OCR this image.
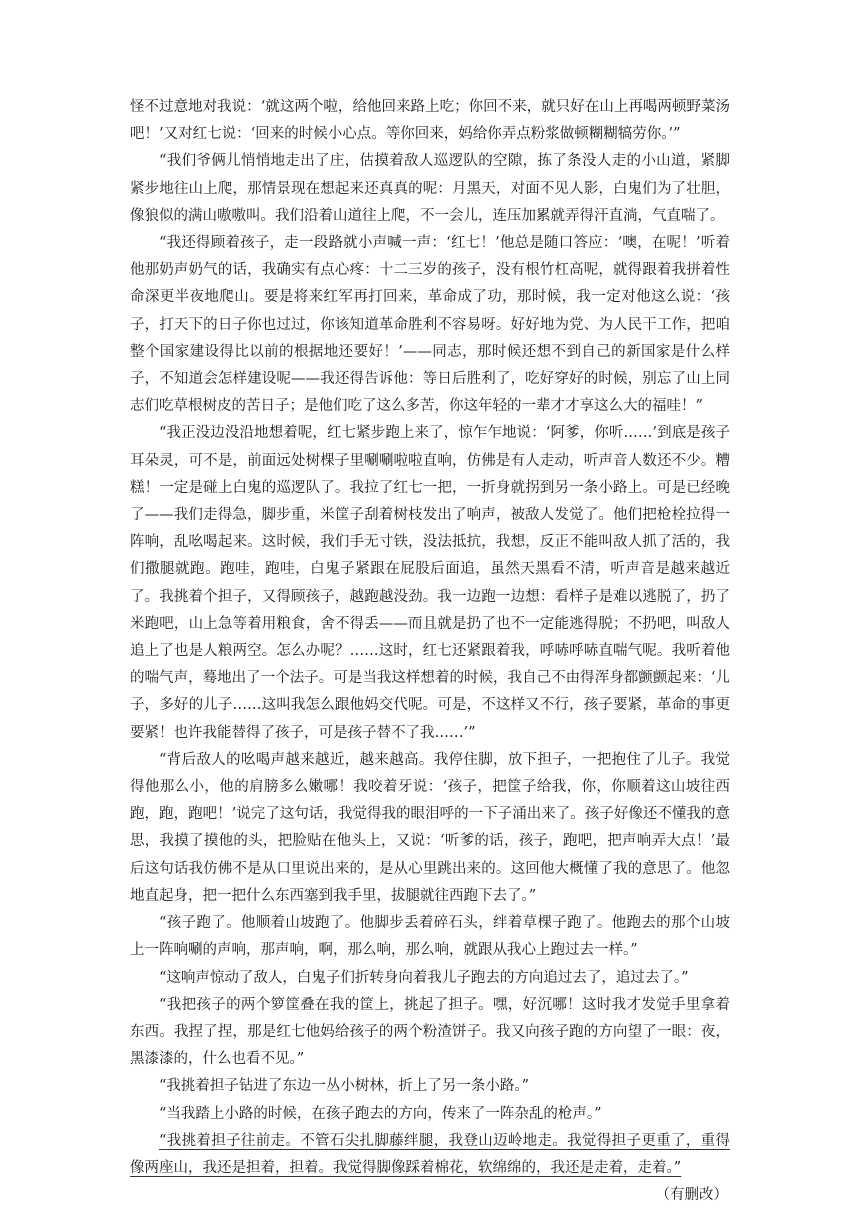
怪不过意地对我说：‘就这两个啦，给他回来路上吃；你回不来，就只好在山上再喝两顿野菜汤吧！’又对红七说：‘回来的时候小心点。等你回来，妈给你弄点粉浆做顿糊糊犒劳你。’”

“我们爷俩儿悄悄地走出了庄，估摸着敌人巡逻队的空隙，拣了条没人走的小山道，紧脚紧步地往山上爬，那情景现在想起来还真真的呢：月黑天，对面不见人影，白鬼们为了壮胆，像狼似的满山嗷嗷叫。我们沿着山道往上爬，不一会儿，连压加累就弄得汗直淌，气直喘了。

“我还得顾着孩子，走一段路就小声喊一声：‘红七！’他总是随口答应：‘噢，在呢！’听着他那奶声奶气的话，我确实有点心疼：十二三岁的孩子，没有根竹杠高呢，就得跟着我拼着性命深更半夜地爬山。要是将来红军再打回来，革命成了功，那时候，我一定对他这么说：‘孩子，打天下的日子你也过过，你该知道革命胜利不容易呀。好好地为党、为人民干工作，把咱整个国家建设得比以前的根据地还要好！’——同志，那时候还想不到自己的新国家是什么样子，不知道会怎样建设呢——我还得告诉他：等日后胜利了，吃好穿好的时候，别忘了山上同志们吃草根树皮的苦日子；是他们吃了这么多苦，你这年轻的一辈才才享这么大的福哇！”

“我正没边没沿地想着呢，红七紧步跑上来了，惊乍乍地说：‘阿爹，你听……’到底是孩子耳朵灵，可不是，前面远处树棵子里唰唰啦啦直响，仿佛是有人走动，听声音人数还不少。糟糕！一定是碰上白鬼的巡逻队了。我拉了红七一把，一折身就拐到另一条小路上。可是已经晚了——我们走得急，脚步重，米筐子刮着树枝发出了响声，被敌人发觉了。他们把枪栓拉得一阵响，乱吆喝起来。这时候，我们手无寸铁，没法抵抗，我想，反正不能叫敌人抓了活的，我们撒腿就跑。跑哇，跑哇，白鬼子紧跟在屁股后面追，虽然天黑看不清，听声音是越来越近了。我挑着个担子，又得顾孩子，越跑越没劲。我一边跑一边想：看样子是难以逃脱了，扔了米跑吧，山上急等着用粮食，舍不得丢——而且就是扔了也不一定能逃得脱；不扔吧，叫敌人追上了也是人粮两空。怎么办呢？……这时，红七还紧跟着我，呼哧呼哧直喘气呢。我听着他的喘气声，蓦地出了一个法子。可是当我这样想着的时候，我自己不由得浑身都颤颤起来：‘儿子，多好的儿子……这叫我怎么跟他妈交代呢。可是，不这样又不行，孩子要紧，革命的事更要紧！也许我能替得了孩子，可是孩子替不了我……’”

“背后敌人的吆喝声越来越近，越来越高。我停住脚，放下担子，一把抱住了儿子。我觉得他那么小，他的肩膀多么嫩哪！我咬着牙说：‘孩子，把筐子给我，你，你顺着这山坡往西跑，跑，跑吧！’说完了这句话，我觉得我的眼泪呼的一下子涌出来了。孩子好像还不懂我的意思，我摸了摸他的头，把脸贴在他头上，又说：‘听爹的话，孩子，跑吧，把声响弄大点！’最后这句话我仿佛不是从口里说出来的，是从心里跳出来的。这回他大概懂了我的意思了。他忽地直起身，把一把什么东西塞到我手里，拔腿就往西跑下去了。”

“孩子跑了。他顺着山坡跑了。他脚步丢着碎石头，绊着草棵子跑了。他跑去的那个山坡上一阵响唰的声响，那声响，啊，那么响，那么响，就跟从我心上跑过去一样。”

“这响声惊动了敌人，白鬼子们折转身向着我儿子跑去的方向追过去了，追过去了。”

“我把孩子的两个箩筐叠在我的筐上，挑起了担子。嘿，好沉哪！这时我才发觉手里拿着东西。我捏了捏，那是红七他妈给孩子的两个粉渣饼子。我又向孩子跑的方向望了一眼：夜，黑漆漆的，什么也看不见。”

“我挑着担子钻进了东边一丛小树林，折上了另一条小路。”

“当我踏上小路的时候，在孩子跑去的方向，传来了一阵杂乱的枪声。”

“我挑着担子往前走。不管石尖扎脚藤绊腿，我登山迈岭地走。我觉得担子更重了，重得像两座山，我还是担着，担着。我觉得脚像踩着棉花，软绵绵的，我还是走着，走着。”

（有删改）
